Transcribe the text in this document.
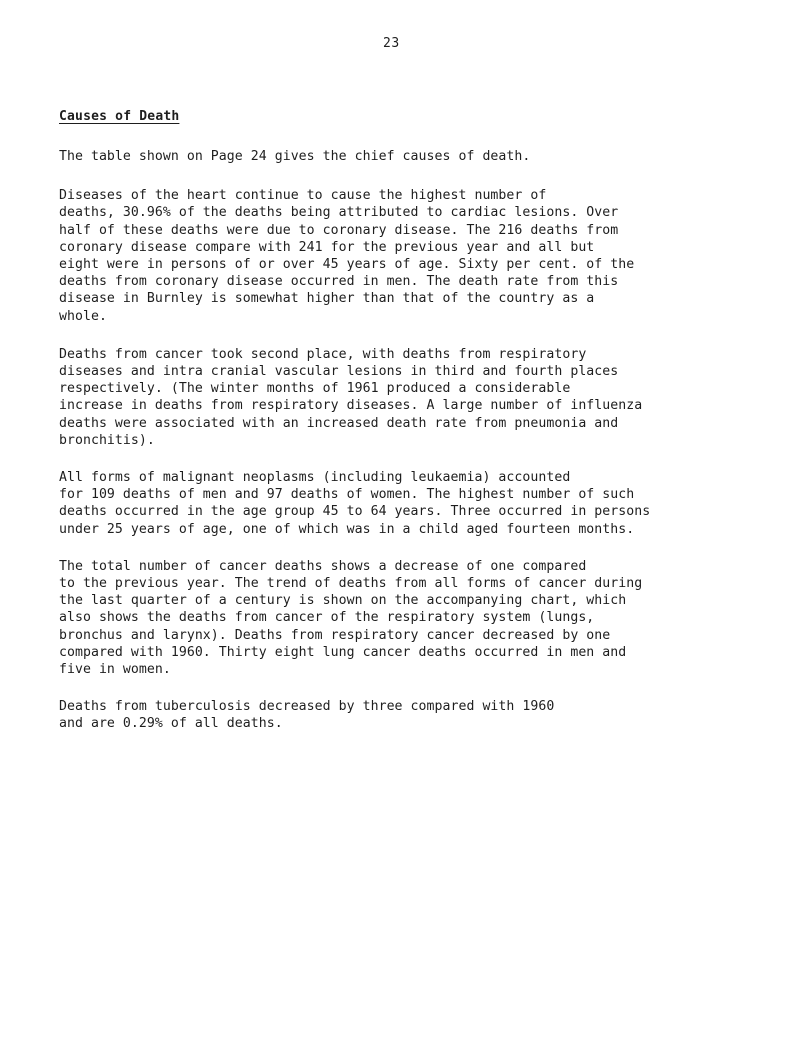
23
Causes of Death

The table shown on Page 24 gives the chief causes of death.

Diseases of the heart continue to cause the highest number of
deaths, 30.96% of the deaths being attributed to cardiac lesions. Over
half of these deaths were due to coronary disease. The 216 deaths from
coronary disease compare with 241 for the previous year and all but
eight were in persons of or over 45 years of age. Sixty per cent. of the
deaths from coronary disease occurred in men. The death rate from this
disease in Burnley is somewhat higher than that of the country as a
whole.

Deaths from cancer took second place, with deaths from respiratory
diseases and intra cranial vascular lesions in third and fourth places
respectively. (The winter months of 1961 produced a considerable
increase in deaths from respiratory diseases. A large number of influenza
deaths were associated with an increased death rate from pneumonia and
bronchitis).

All forms of malignant neoplasms (including leukaemia) accounted
for 109 deaths of men and 97 deaths of women. The highest number of such
deaths occurred in the age group 45 to 64 years. Three occurred in persons
under 25 years of age, one of which was in a child aged fourteen months.

The total number of cancer deaths shows a decrease of one compared
to the previous year. The trend of deaths from all forms of cancer during
the last quarter of a century is shown on the accompanying chart, which
also shows the deaths from cancer of the respiratory system (lungs,
bronchus and larynx). Deaths from respiratory cancer decreased by one
compared with 1960. Thirty eight lung cancer deaths occurred in men and
five in women.

Deaths from tuberculosis decreased by three compared with 1960
and are 0.29% of all deaths.
